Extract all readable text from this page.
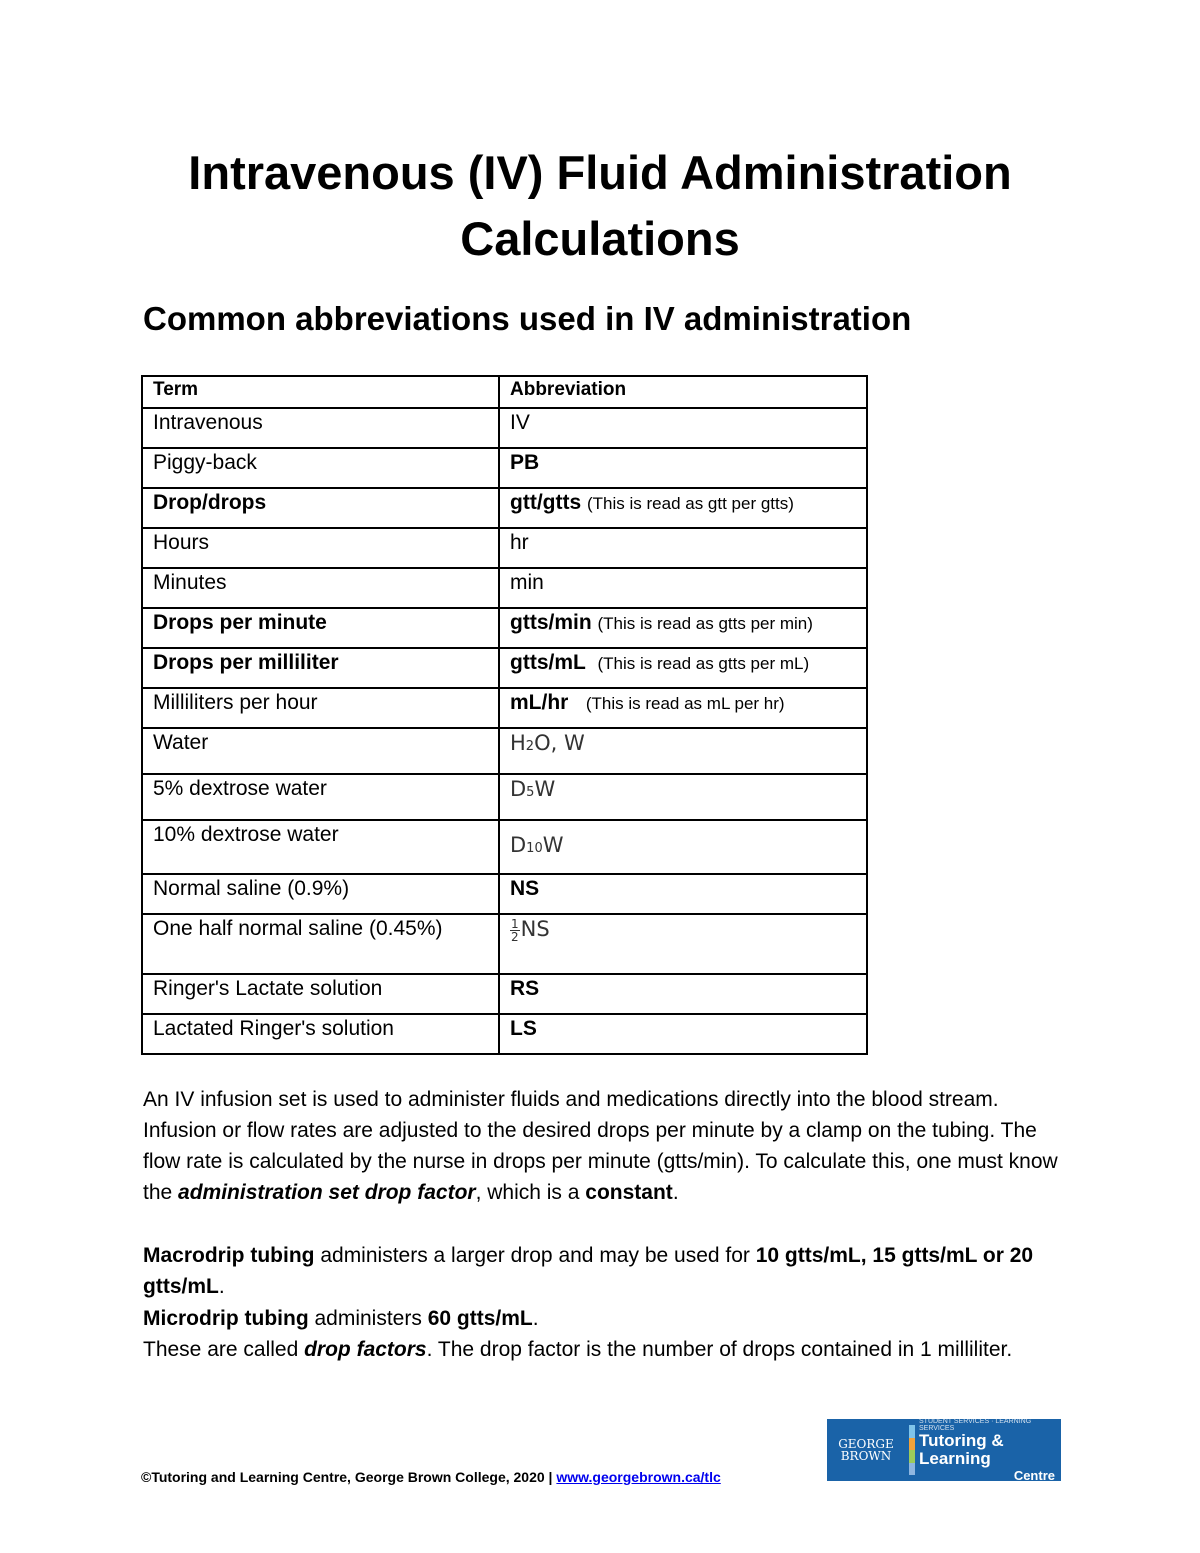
Intravenous (IV) Fluid Administration
Calculations
Common abbreviations used in IV administration
Term	Abbreviation
Intravenous	IV
Piggy-back	PB
Drop/drops	gtt/gtts (This is read as gtt per gtts)
Hours	hr
Minutes	min
Drops per minute	gtts/min (This is read as gtts per min)
Drops per milliliter	gtts/mL (This is read as gtts per mL)
Milliliters per hour	mL/hr (This is read as mL per hr)
Water	H2O, W
5% dextrose water	D5W
10% dextrose water	D10W
Normal saline (0.9%)	NS
One half normal saline (0.45%)	$\frac{1}{2}NS$
Ringer's Lactate solution	RS
Lactated Ringer's solution	LS
An IV infusion set is used to administer fluids and medications directly into the blood stream. Infusion or flow rates are adjusted to the desired drops per minute by a clamp on the tubing. The flow rate is calculated by the nurse in drops per minute (gtts/min). To calculate this, one must know the administration set drop factor, which is a constant.
Macrodrip tubing administers a larger drop and may be used for 10 gtts/mL, 15 gtts/mL or 20 gtts/mL.
Microdrip tubing administers 60 gtts/mL.
These are called drop factors. The drop factor is the number of drops contained in 1 milliliter.
©Tutoring and Learning Centre, George Brown College, 2020 | www.georgebrown.ca/tlc
GEORGE
BROWN
STUDENT SERVICES · LEARNING SERVICES
Tutoring & Learning
Centre
